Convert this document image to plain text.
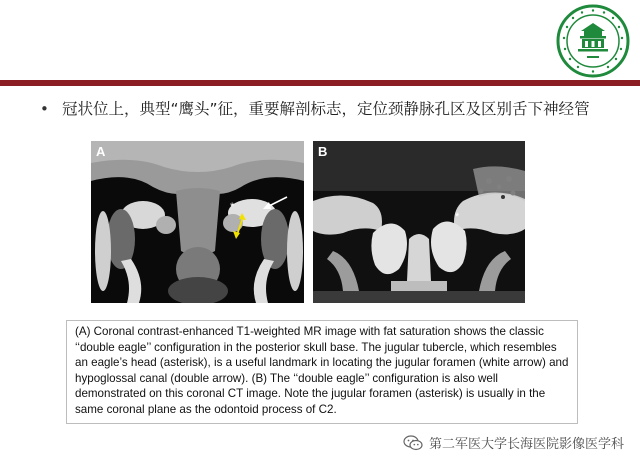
• 冠状位上，典型“鹰头”征，重要解剖标志，定位颈静脉孔区及区别舌下神经管
A
*
B
*
(A) Coronal contrast-enhanced T1-weighted MR image with fat saturation shows the classic ‘‘double eagle’’ configuration in the posterior skull base. The jugular tubercle, which resembles an eagle’s head (asterisk), is a useful landmark in locating the jugular foramen (white arrow) and hypoglossal canal (double arrow). (B) The ‘‘double eagle’’ configuration is also well demonstrated on this coronal CT image. Note the jugular foramen (asterisk) is usually in the same coronal plane as the odontoid process of C2.
第二军医大学长海医院影像医学科
